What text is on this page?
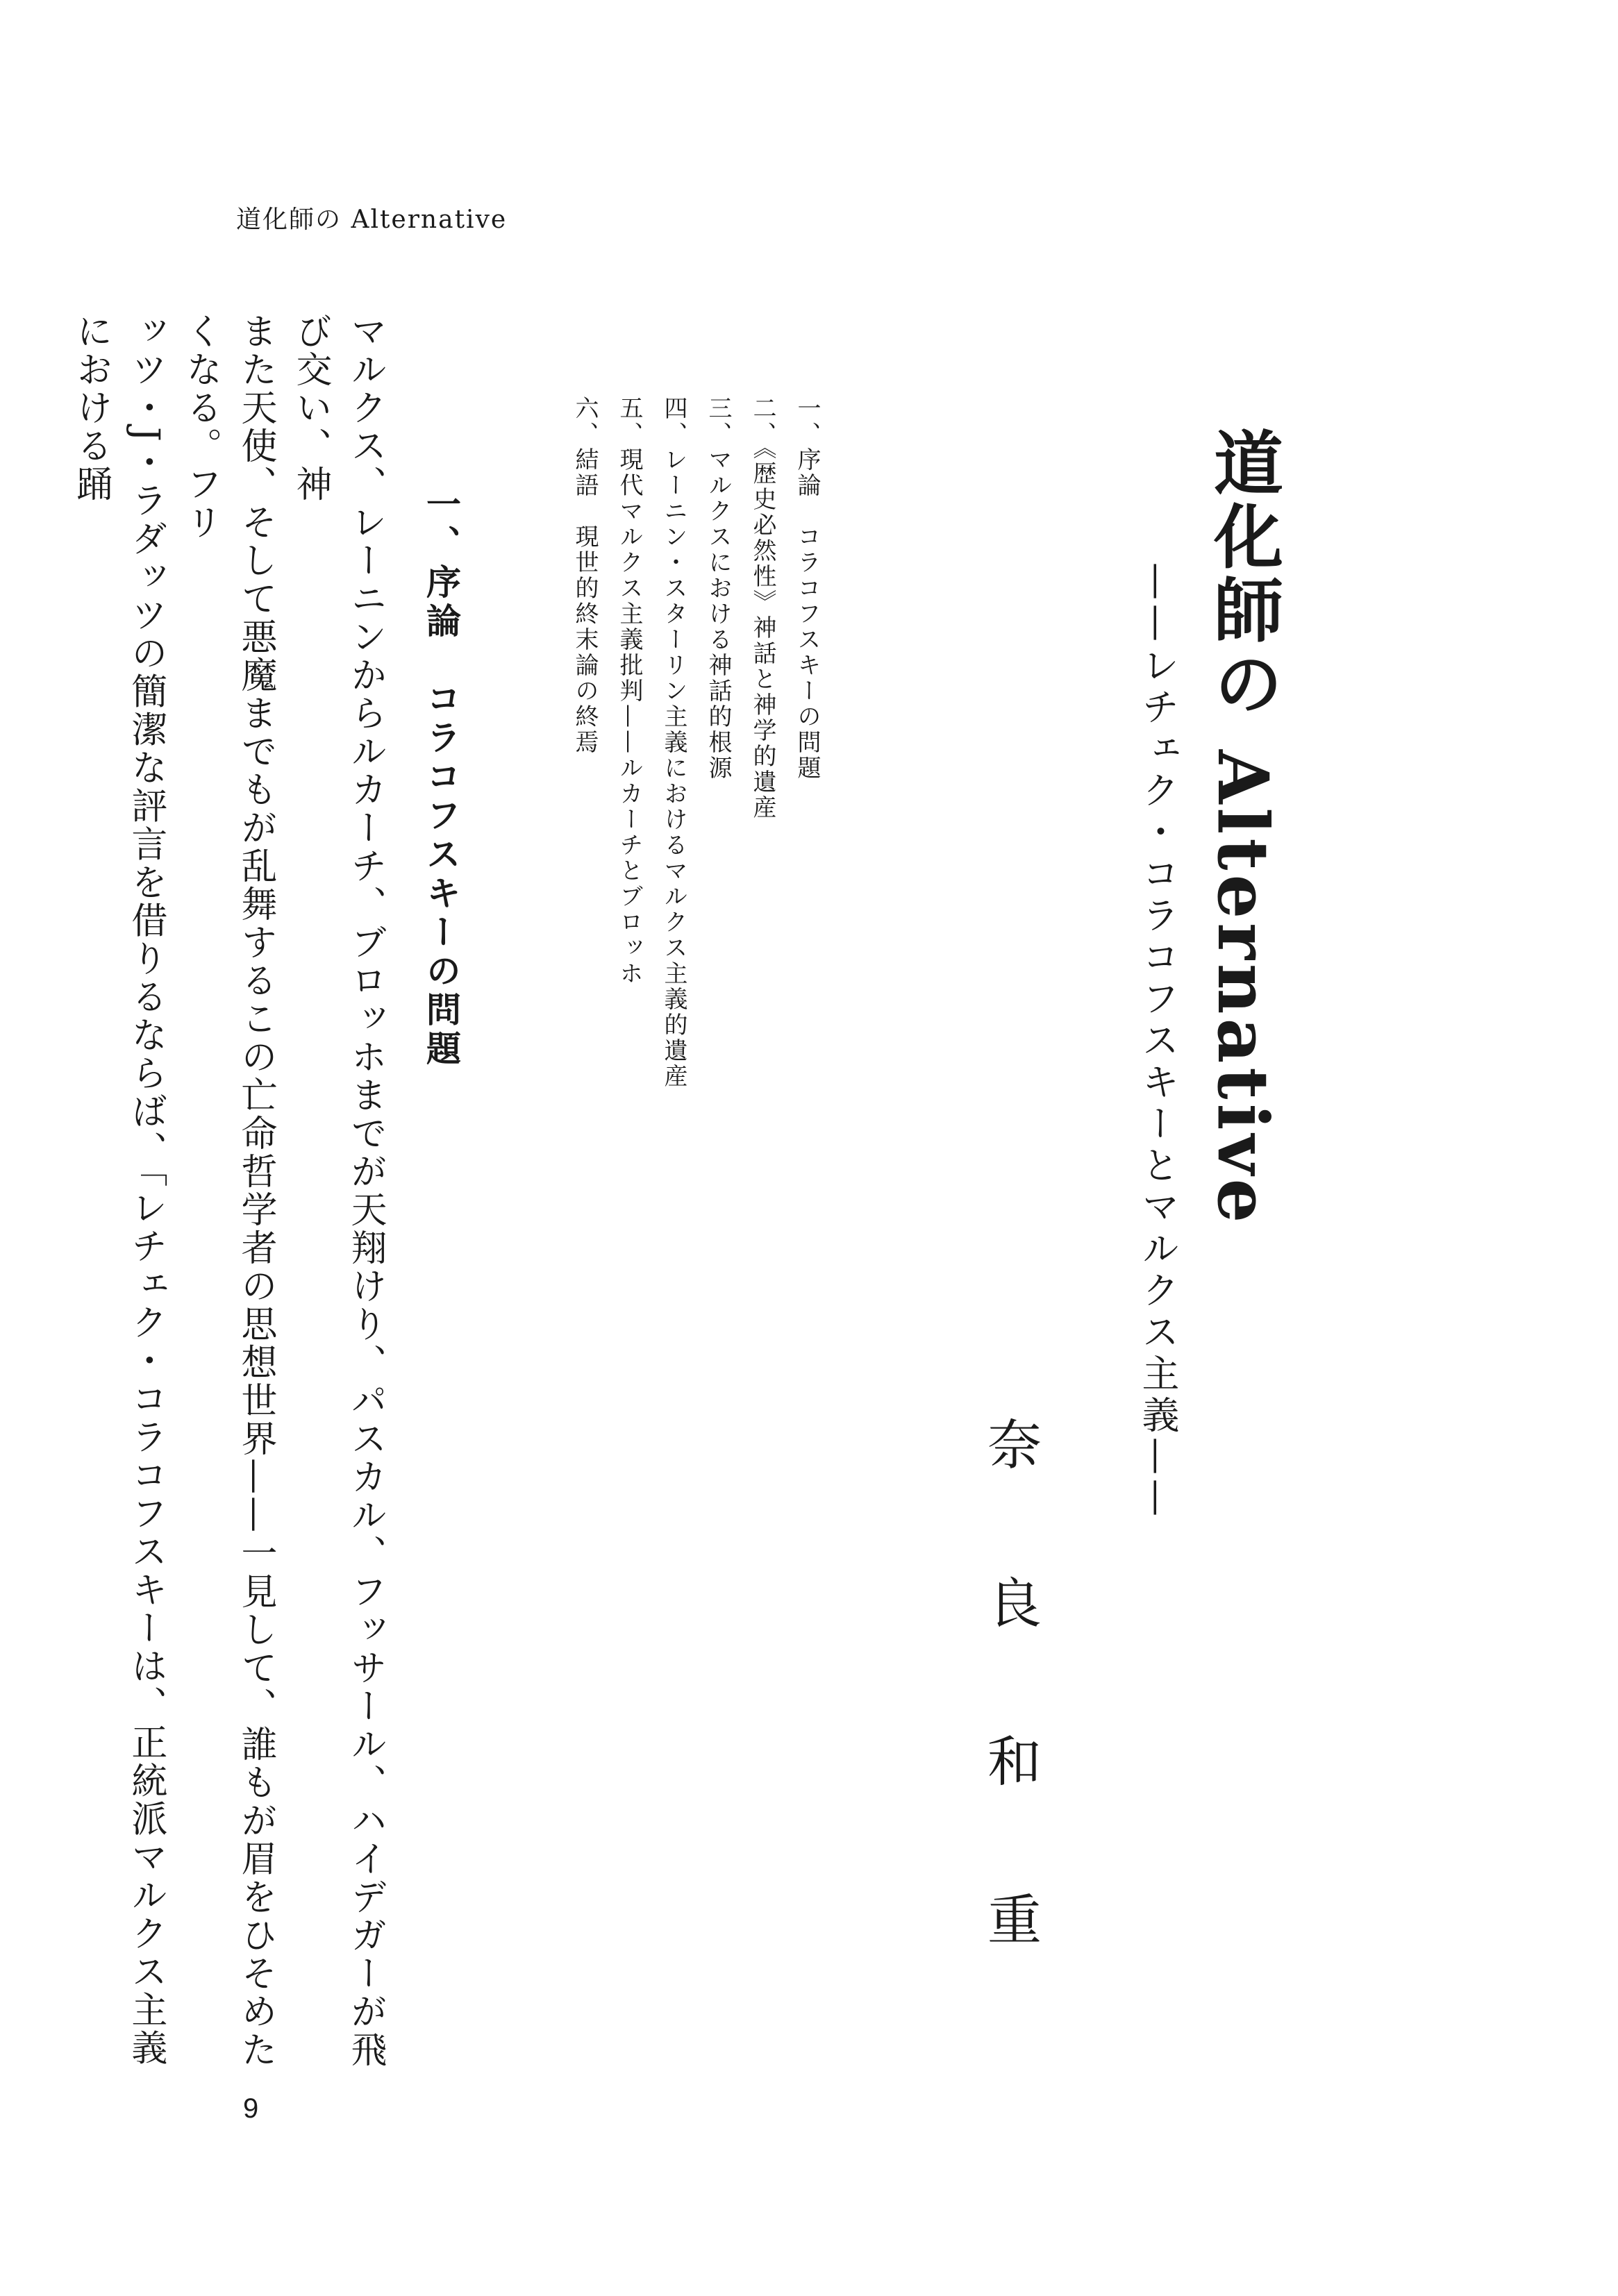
道化師の Alternative
道化師の Alternative
——レチェク・コラコフスキーとマルクス主義——
奈良和重
一、序論　コラコフスキーの問題
二、《歴史必然性》神話と神学的遺産
三、マルクスにおける神話的根源
四、レーニン・スターリン主義におけるマルクス主義的遺産
五、現代マルクス主義批判——ルカーチとブロッホ
六、結語　現世的終末論の終焉
一、序論　コラコフスキーの問題
マルクス、レーニンからルカーチ、ブロッホまでが天翔けり、パスカル、フッサール、ハイデガーが飛び交い、神
また天使、そして悪魔までもが乱舞するこの亡命哲学者の思想世界——一見して、誰もが眉をひそめたくなる。フリ
ッツ・J・ラダッツの簡潔な評言を借りるならば、「レチェク・コラコフスキーは、正統派マルクス主義における踊
9
